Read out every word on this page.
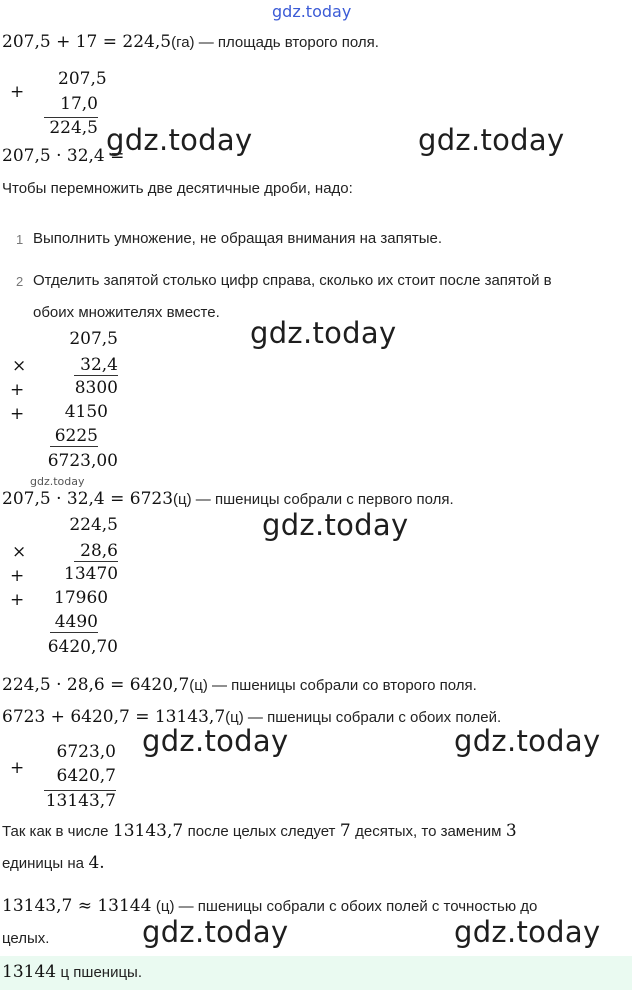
gdz.today
207,5 + 17 = 224,5(га) — площадь второго поля.
+
207,5
17,0
224,5
207,5 · 32,4 =
gdz.today	gdz.today
Чтобы перемножить две десятичные дроби, надо:
1 Выполнить умножение, не обращая внимания на запятые.
2 Отделить запятой столько цифр справа, сколько их стоит после запятой в
обоих множителях вместе.
gdz.today
207,5
×	32,4
+	8300
+ 4150
6225
6723,00
gdz.today
207,5 · 32,4 = 6723(ц) — пшеницы собрали с первого поля.
gdz.today
224,5
×	28,6
+ 13470
+ 17960
4490
6420,70
224,5 · 28,6 = 6420,7(ц) — пшеницы собрали со второго поля.
6723 + 6420,7 = 13143,7(ц) — пшеницы собрали с обоих полей.
gdz.today	gdz.today
+
6723,0
6420,7
13143,7
Так как в числе 13143,7 после целых следует 7 десятых, то заменим 3
единицы на 4.
13143,7 ≈ 13144 (ц) — пшеницы собрали с обоих полей с точностью до
целых.	gdz.today	gdz.today
13144 ц пшеницы.
